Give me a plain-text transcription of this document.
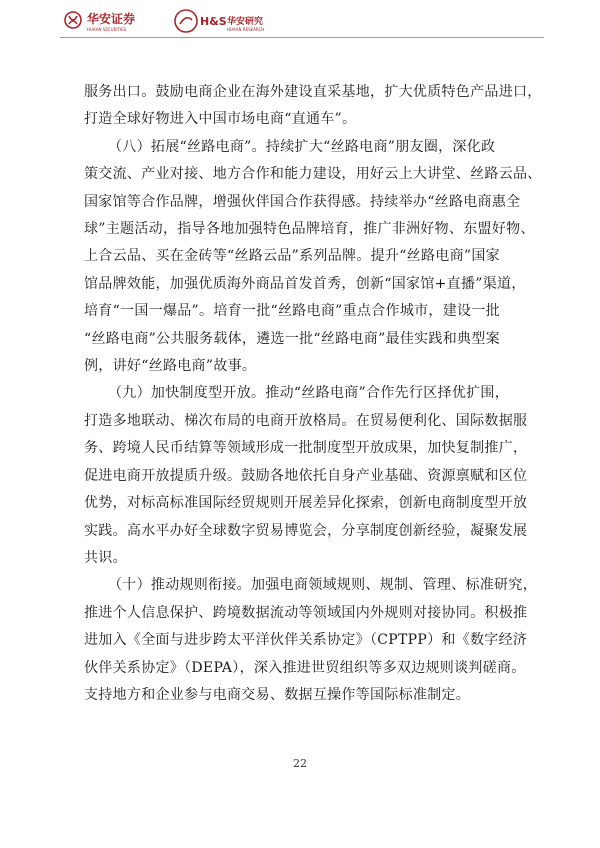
华安证券
HUAAN SECURITIES
H&S 华安研究
HUAAN RESEARCH

服务出口。鼓励电商企业在海外建设直采基地，扩大优质特色产品进口，
打造全球好物进入中国市场电商“直通车”。

（八）拓展“丝路电商”。持续扩大“丝路电商”朋友圈，深化政
策交流、产业对接、地方合作和能力建设，用好云上大讲堂、丝路云品、
国家馆等合作品牌，增强伙伴国合作获得感。持续举办“丝路电商惠全
球”主题活动，指导各地加强特色品牌培育，推广非洲好物、东盟好物、
上合云品、买在金砖等“丝路云品”系列品牌。提升“丝路电商”国家
馆品牌效能，加强优质海外商品首发首秀，创新“国家馆+直播”渠道，
培育“一国一爆品”。培育一批“丝路电商”重点合作城市，建设一批
“丝路电商”公共服务载体，遴选一批“丝路电商”最佳实践和典型案
例，讲好“丝路电商”故事。

（九）加快制度型开放。推动“丝路电商”合作先行区择优扩围，
打造多地联动、梯次布局的电商开放格局。在贸易便利化、国际数据服
务、跨境人民币结算等领域形成一批制度型开放成果，加快复制推广，
促进电商开放提质升级。鼓励各地依托自身产业基础、资源禀赋和区位
优势，对标高标准国际经贸规则开展差异化探索，创新电商制度型开放
实践。高水平办好全球数字贸易博览会，分享制度创新经验，凝聚发展
共识。

（十）推动规则衔接。加强电商领域规则、规制、管理、标准研究，
推进个人信息保护、跨境数据流动等领域国内外规则对接协同。积极推
进加入《全面与进步跨太平洋伙伴关系协定》（CPTPP）和《数字经济
伙伴关系协定》（DEPA），深入推进世贸组织等多双边规则谈判磋商。
支持地方和企业参与电商交易、数据互操作等国际标准制定。

22
